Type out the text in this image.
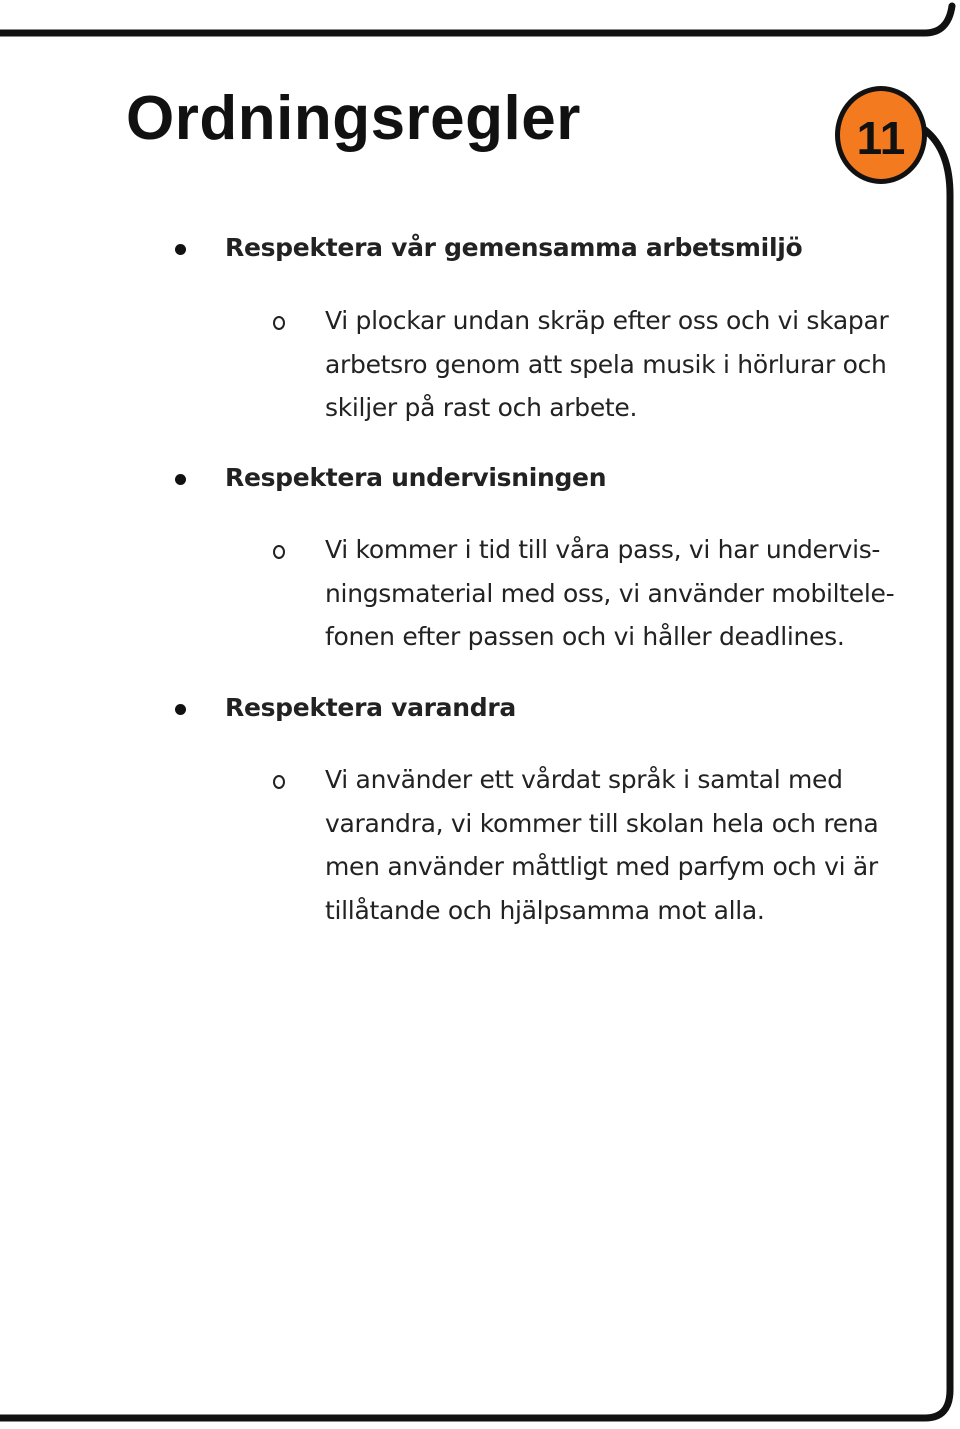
Ordningsregler	11
Respektera vår gemensamma arbetsmiljö
Vi plockar undan skräp efter oss och vi skapar
arbetsro genom att spela musik i hörlurar och
skiljer på rast och arbete.
Respektera undervisningen
Vi kommer i tid till våra pass, vi har undervis-
ningsmaterial med oss, vi använder mobiltele-
fonen efter passen och vi håller deadlines.
Respektera varandra
Vi använder ett vårdat språk i samtal med
varandra, vi kommer till skolan hela och rena
men använder måttligt med parfym och vi är
tillåtande och hjälpsamma mot alla.
